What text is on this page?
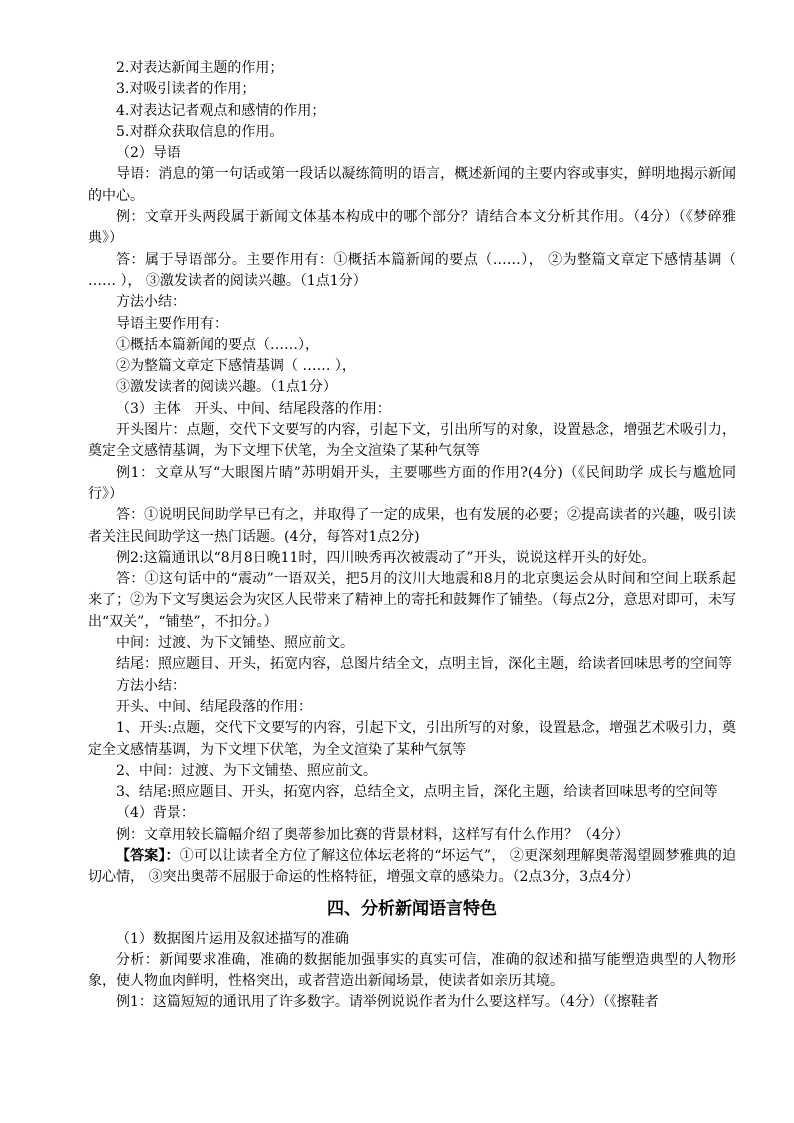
2.对表达新闻主题的作用；

3.对吸引读者的作用；

4.对表达记者观点和感情的作用；

5.对群众获取信息的作用。

（2）导语

导语：消息的第一句话或第一段话以凝练简明的语言，概述新闻的主要内容或事实，鲜明地揭示新闻的中心。

例：文章开头两段属于新闻文体基本构成中的哪个部分？请结合本文分析其作用。（4分）（《梦碎雅典》）

答：属于导语部分。主要作用有：①概括本篇新闻的要点（……）， ②为整篇文章定下感情基调（ …… ）， ③激发读者的阅读兴趣。（1点1分）

方法小结：

导语主要作用有：

①概括本篇新闻的要点（……），

②为整篇文章定下感情基调（ …… ），

③激发读者的阅读兴趣。（1点1分）

（3）主体　开头、中间、结尾段落的作用：

开头图片：点题，交代下文要写的内容，引起下文，引出所写的对象，设置悬念，增强艺术吸引力，奠定全文感情基调，为下文埋下伏笔，为全文渲染了某种气氛等

例1：文章从写“大眼图片睛”苏明娟开头，主要哪些方面的作用?(4分)（《民间助学 成长与尴尬同行》）

答：①说明民间助学早已有之，并取得了一定的成果，也有发展的必要；②提高读者的兴趣，吸引读者关注民间助学这一热门话题。(4分，每答对1点2分)

例2:这篇通讯以“8月8日晚11时，四川映秀再次被震动了”开头，说说这样开头的好处。

答：①这句话中的“震动”一语双关，把5月的汶川大地震和8月的北京奥运会从时间和空间上联系起来了；②为下文写奥运会为灾区人民带来了精神上的寄托和鼓舞作了铺垫。（每点2分，意思对即可，未写出“双关”，“铺垫”，不扣分。）

中间：过渡、为下文铺垫、照应前文。

结尾：照应题目、开头，拓宽内容，总图片结全文，点明主旨，深化主题，给读者回味思考的空间等

方法小结：

开头、中间、结尾段落的作用：

1、开头:点题，交代下文要写的内容，引起下文，引出所写的对象，设置悬念，增强艺术吸引力，奠定全文感情基调，为下文埋下伏笔，为全文渲染了某种气氛等

2、中间：过渡、为下文铺垫、照应前文。

3、结尾:照应题目、开头，拓宽内容，总结全文，点明主旨，深化主题，给读者回味思考的空间等

（4）背景：

例：文章用较长篇幅介绍了奥蒂参加比赛的背景材料，这样写有什么作用？（4分）

【答案】：①可以让读者全方位了解这位体坛老将的“坏运气”， ②更深刻理解奥蒂渴望圆梦雅典的迫切心情， ③突出奥蒂不屈服于命运的性格特征，增强文章的感染力。（2点3分，3点4分）

四、分析新闻语言特色

（1）数据图片运用及叙述描写的准确

分析：新闻要求准确，准确的数据能加强事实的真实可信，准确的叙述和描写能塑造典型的人物形象，使人物血肉鲜明，性格突出，或者营造出新闻场景，使读者如亲历其境。

例1：这篇短短的通讯用了许多数字。请举例说说作者为什么要这样写。（4分）（《擦鞋者
